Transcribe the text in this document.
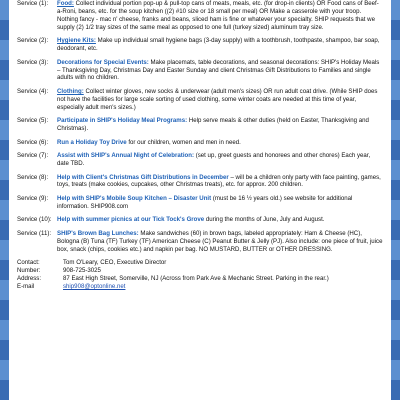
Service (1):	Food: Collect individual portion pop-up & pull-top cans of meats, meals, etc. (for drop-in clients) OR Food cans of Beef-a-Roni, beans, etc. for the soup kitchen ((2) #10 size or 18 small per meal) OR Make a casserole with your troop. Nothing fancy - mac n' cheese, franks and beans, sliced ham is fine or whatever your specialty. SHIP requests that we supply (2) 1/2 tray sizes of the same meal as opposed to one full (turkey sized) aluminum tray size.
Service (2):	Hygiene Kits: Make up individual small hygiene bags (3-day supply) with a toothbrush, toothpaste, shampoo, bar soap, deodorant, etc.
Service (3):	Decorations for Special Events: Make placemats, table decorations, and seasonal decorations: SHIP's Holiday Meals – Thanksgiving Day, Christmas Day and Easter Sunday and client Christmas Gift Distributions to Families and single adults with no children.
Service (4):	Clothing: Collect winter gloves, new socks & underwear (adult men's sizes) OR run adult coat drive. (While SHIP does not have the facilities for large scale sorting of used clothing, some winter coats are needed at this time of year, especially adult men's sizes.)
Service (5):	Participate in SHIP's Holiday Meal Programs: Help serve meals & other duties (held on Easter, Thanksgiving and Christmas).
Service (6):	Run a Holiday Toy Drive for our children, women and men in need.
Service (7):	Assist with SHIP's Annual Night of Celebration: (set up, greet guests and honorees and other chores) Each year, date TBD.
Service (8):	Help with Client's Christmas Gift Distributions in December – will be a children only party with face painting, games, toys, treats (make cookies, cupcakes, other Christmas treats), etc. for approx. 200 children.
Service (9):	Help with SHIP's Mobile Soup Kitchen – Disaster Unit (must be 16 ½ years old.) see website for additional information. SHIP908.com
Service (10): Help with summer picnics at our Tick Tock's Grove during the months of June, July and August.
Service (11): SHIP's Brown Bag Lunches: Make sandwiches (60) in brown bags, labeled appropriately: Ham & Cheese (HC), Bologna (B) Tuna (TF) Turkey (TF) American Cheese (C) Peanut Butter & Jelly (PJ). Also include: one piece of fruit, juice box, snack (chips, cookies etc.) and napkin per bag. NO MUSTARD, BUTTER or OTHER DRESSING.
Contact:	Tom O'Leary, CEO, Executive Director
Number:	908-725-3025
Address:	87 East High Street, Somerville, NJ (Across from Park Ave & Mechanic Street. Parking in the rear.)
E-mail	ship908@optonline.net
